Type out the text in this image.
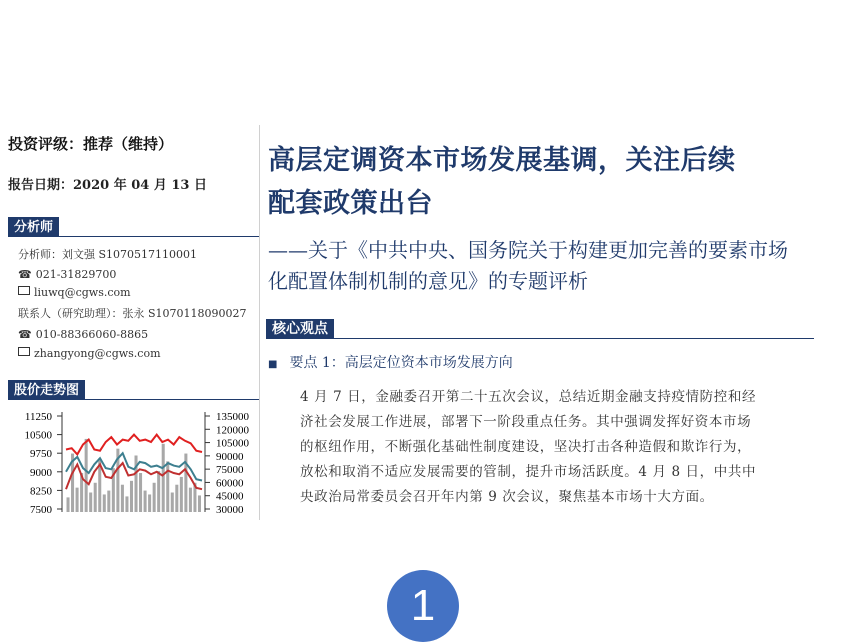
投资评级：推荐（维持）
报告日期：2020 年 04 月 13 日
分析师
分析师：刘文强 S1070517110001
☎ 021-31829700
liuwq@cgws.com
联系人（研究助理）：张永 S1070118090027
☎ 010-88366060-8865
zhangyong@cgws.com
股价走势图
11250
10500
9750
9000
8250
7500
135000
120000
105000
90000
75000
60000
45000
30000
高层定调资本市场发展基调，关注后续
配套政策出台
——关于《中共中央、国务院关于构建更加完善的要素市场
化配置体制机制的意见》的专题评析
核心观点
■ 要点 1：高层定位资本市场发展方向
4 月 7 日，金融委召开第二十五次会议，总结近期金融支持疫情防控和经
济社会发展工作进展，部署下一阶段重点任务。其中强调发挥好资本市场
的枢纽作用，不断强化基础性制度建设，坚决打击各种造假和欺诈行为，
放松和取消不适应发展需要的管制，提升市场活跃度。4 月 8 日，中共中
央政治局常委员会召开年内第 9 次会议，聚焦基本市场十大方面。
1
